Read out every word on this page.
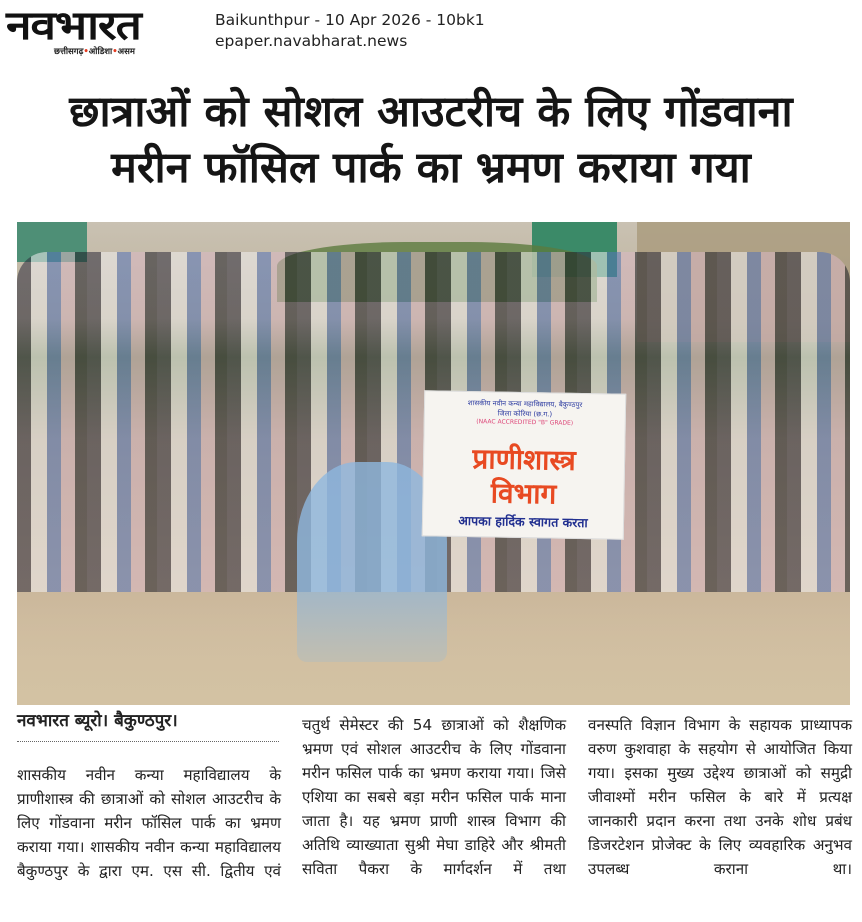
नवभारत
छत्तीसगढ़•ओडिशा•असम
Baikunthpur - 10 Apr 2026 - 10bk1
epaper.navabharat.news
छात्राओं को सोशल आउटरीच के लिए गोंडवाना
मरीन फॉसिल पार्क का भ्रमण कराया गया
शासकीय नवीन कन्या महाविद्यालय, बैकुण्ठपुर
जिला कोरिया (छ.ग.)
(NAAC ACCREDITED "B" GRADE)
प्राणीशास्त्र
विभाग
आपका हार्दिक स्वागत करता
नवभारत ब्यूरो। बैकुण्ठपुर।
शासकीय नवीन कन्या महाविद्यालय के प्राणीशास्त्र की छात्राओं को सोशल आउटरीच के लिए गोंडवाना मरीन फॉसिल पार्क का भ्रमण कराया गया। शासकीय नवीन कन्या महाविद्यालय बैकुण्ठपुर के द्वारा एम. एस सी. द्वितीय एवं
चतुर्थ सेमेस्टर की 54 छात्राओं को शैक्षणिक भ्रमण एवं सोशल आउटरीच के लिए गोंडवाना मरीन फसिल पार्क का भ्रमण कराया गया। जिसे एशिया का सबसे बड़ा मरीन फसिल पार्क माना जाता है। यह भ्रमण प्राणी शास्त्र विभाग की अतिथि व्याख्याता सुश्री मेघा डाहिरे और श्रीमती सविता पैकरा के मार्गदर्शन में तथा
वनस्पति विज्ञान विभाग के सहायक प्राध्यापक वरुण कुशवाहा के सहयोग से आयोजित किया गया। इसका मुख्य उद्देश्य छात्राओं को समुद्री जीवाश्मों मरीन फसिल के बारे में प्रत्यक्ष जानकारी प्रदान करना तथा उनके शोध प्रबंध डिजरटेशन प्रोजेक्ट के लिए व्यवहारिक अनुभव उपलब्ध कराना था।
